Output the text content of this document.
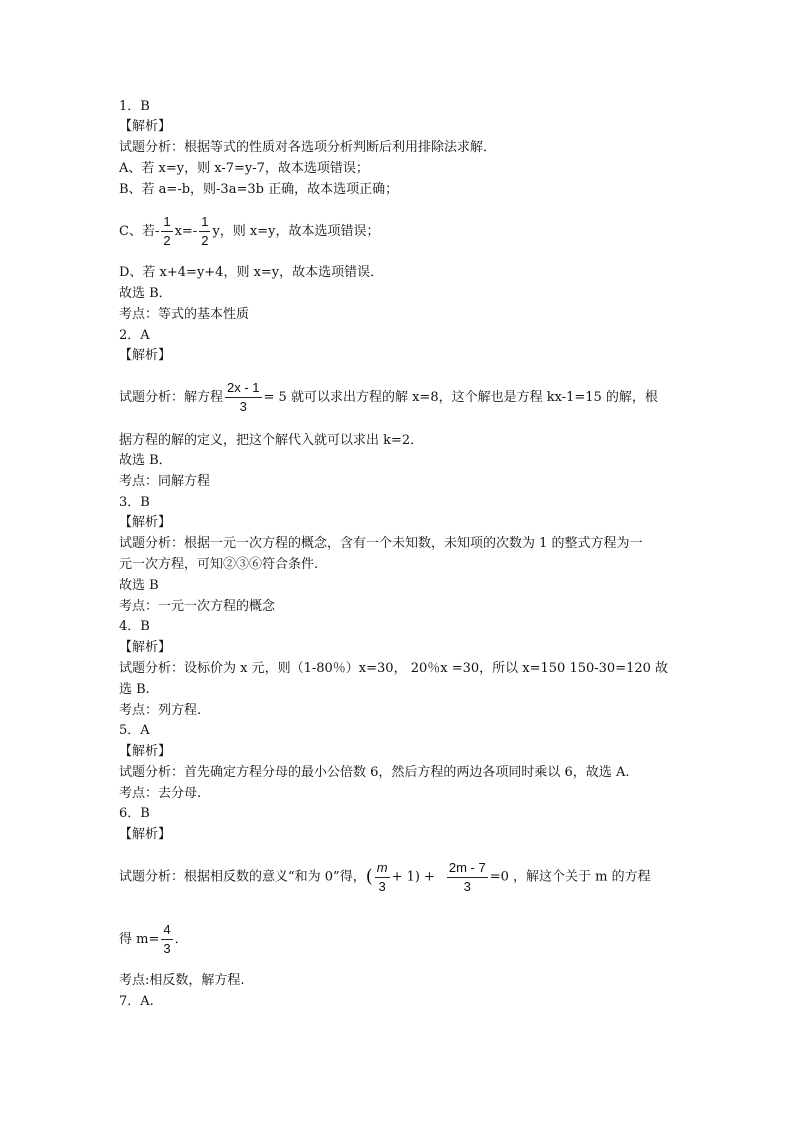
1．B
【解析】
试题分析：根据等式的性质对各选项分析判断后利用排除法求解．
A、若 x=y，则 x-7=y-7，故本选项错误；
B、若 a=-b，则-3a=3b 正确，故本选项正确；
C、若- $\frac{1}{2} x=- \frac{1}{2}$ y，则 x=y，故本选项错误；
D、若 x+4=y+4，则 x=y，故本选项错误．
故选 B．
考点：等式的基本性质
2．A
【解析】
试题分析：解方程 $\frac{2x - 1}{3} = 5$ 就可以求出方程的解 x=8，这个解也是方程 kx-1=15 的解，根
据方程的解的定义，把这个解代入就可以求出 k=2．
故选 B．
考点：同解方程
3．B
【解析】
试题分析：根据一元一次方程的概念，含有一个未知数，未知项的次数为 1 的整式方程为一
元一次方程，可知②③⑥符合条件.
故选 B
考点：一元一次方程的概念
4．B
【解析】
试题分析：设标价为 x 元，则（1-80％）x=30， 20％x =30，所以 x=150 150-30=120 故
选 B.
考点：列方程.
5．A
【解析】
试题分析：首先确定方程分母的最小公倍数 6，然后方程的两边各项同时乘以 6，故选 A.
考点：去分母.
6．B
【解析】
试题分析：根据相反数的意义“和为 0”得，( $\frac{m}{3} + 1) + \frac{2m - 7}{3} =0$ ，解这个关于 m 的方程
得 $m= \frac{4}{3}$ ．
考点:相反数，解方程.
7．A.
